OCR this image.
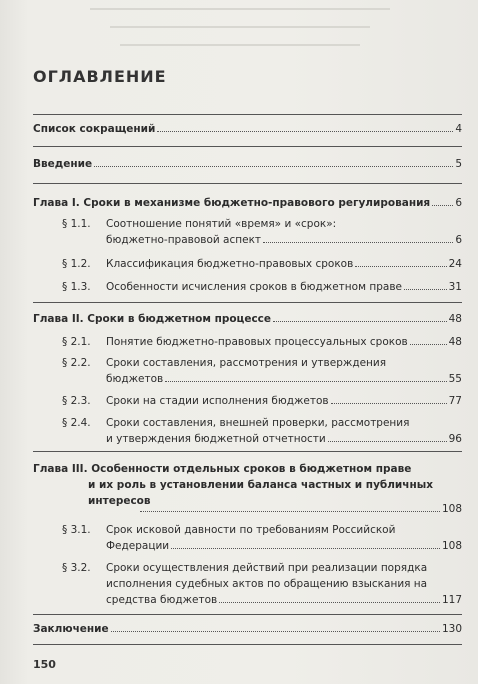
ОГЛАВЛЕНИЕ
Список сокращений	4
Введение	5
Глава I. Сроки в механизме бюджетно-правового регулирования 6
§ 1.1. Соотношение понятий «время» и «срок»:
бюджетно-правовой аспект	6
§ 1.2. Классификация бюджетно-правовых сроков	24
§ 1.3. Особенности исчисления сроков в бюджетном праве	31
Глава II. Сроки в бюджетном процессе	48
§ 2.1. Понятие бюджетно-правовых процессуальных сроков	48
§ 2.2. Сроки составления, рассмотрения и утверждения
бюджетов	55
§ 2.3. Сроки на стадии исполнения бюджетов	77
§ 2.4. Сроки составления, внешней проверки, рассмотрения
и утверждения бюджетной отчетности	96
Глава III. Особенности отдельных сроков в бюджетном праве
и их роль в установлении баланса частных и публичных
интересов
108
§ 3.1. Срок исковой давности по требованиям Российской
Федерации	108
§ 3.2. Сроки осуществления действий при реализации порядка
исполнения судебных актов по обращению взыскания на
средства бюджетов	117
Заключение	130
150
